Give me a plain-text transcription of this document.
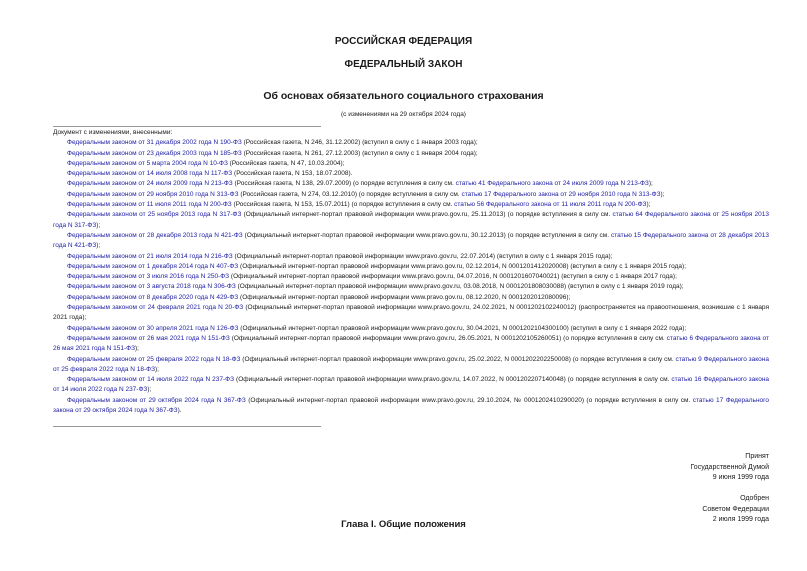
РОССИЙСКАЯ ФЕДЕРАЦИЯ
ФЕДЕРАЛЬНЫЙ ЗАКОН
Об основах обязательного социального страхования
(с изменениями на 29 октября 2024 года)
Документ с изменениями, внесенными:
Федеральным законом от 31 декабря 2002 года N 190-ФЗ (Российская газета, N 246, 31.12.2002) (вступил в силу с 1 января 2003 года);
Федеральным законом от 23 декабря 2003 года N 185-ФЗ (Российская газета, N 261, 27.12.2003) (вступил в силу с 1 января 2004 года);
Федеральным законом от 5 марта 2004 года N 10-ФЗ (Российская газета, N 47, 10.03.2004);
Федеральным законом от 14 июля 2008 года N 117-ФЗ (Российская газета, N 153, 18.07.2008).
Федеральным законом от 24 июля 2009 года N 213-ФЗ (Российская газета, N 138, 29.07.2009) (о порядке вступления в силу см. статью 41 Федерального закона от 24 июля 2009 года N 213-ФЗ);
Федеральным законом от 29 ноября 2010 года N 313-ФЗ (Российская газета, N 274, 03.12.2010) (о порядке вступления в силу см. статью 17 Федерального закона от 29 ноября 2010 года N 313-ФЗ);
Федеральным законом от 11 июля 2011 года N 200-ФЗ (Российская газета, N 153, 15.07.2011) (о порядке вступления в силу см. статью 56 Федерального закона от 11 июля 2011 года N 200-ФЗ);
Федеральным законом от 25 ноября 2013 года N 317-ФЗ (Официальный интернет-портал правовой информации www.pravo.gov.ru, 25.11.2013) (о порядке вступления в силу см. статью 64 Федерального закона от 25 ноября 2013 года N 317-ФЗ);
Федеральным законом от 28 декабря 2013 года N 421-ФЗ (Официальный интернет-портал правовой информации www.pravo.gov.ru, 30.12.2013) (о порядке вступления в силу см. статью 15 Федерального закона от 28 декабря 2013 года N 421-ФЗ);
Федеральным законом от 21 июля 2014 года N 216-ФЗ (Официальный интернет-портал правовой информации www.pravo.gov.ru, 22.07.2014) (вступил в силу с 1 января 2015 года);
Федеральным законом от 1 декабря 2014 года N 407-ФЗ (Официальный интернет-портал правовой информации www.pravo.gov.ru, 02.12.2014, N 0001201412020008) (вступил в силу с 1 января 2015 года);
Федеральным законом от 3 июля 2016 года N 250-ФЗ (Официальный интернет-портал правовой информации www.pravo.gov.ru, 04.07.2016, N 0001201607040021) (вступил в силу с 1 января 2017 года);
Федеральным законом от 3 августа 2018 года N 306-ФЗ (Официальный интернет-портал правовой информации www.pravo.gov.ru, 03.08.2018, N 0001201808030088) (вступил в силу с 1 января 2019 года);
Федеральным законом от 8 декабря 2020 года N 429-ФЗ (Официальный интернет-портал правовой информации www.pravo.gov.ru, 08.12.2020, N 0001202012080096);
Федеральным законом от 24 февраля 2021 года N 20-ФЗ (Официальный интернет-портал правовой информации www.pravo.gov.ru, 24.02.2021, N 0001202102240012) (распространяется на правоотношения, возникшие с 1 января 2021 года);
Федеральным законом от 30 апреля 2021 года N 126-ФЗ (Официальный интернет-портал правовой информации www.pravo.gov.ru, 30.04.2021, N 0001202104300100) (вступил в силу с 1 января 2022 года);
Федеральным законом от 26 мая 2021 года N 151-ФЗ (Официальный интернет-портал правовой информации www.pravo.gov.ru, 26.05.2021, N 0001202105260051) (о порядке вступления в силу см. статью 6 Федерального закона от 26 мая 2021 года N 151-ФЗ);
Федеральным законом от 25 февраля 2022 года N 18-ФЗ (Официальный интернет-портал правовой информации www.pravo.gov.ru, 25.02.2022, N 0001202202250008) (о порядке вступления в силу см. статью 9 Федерального закона от 25 февраля 2022 года N 18-ФЗ);
Федеральным законом от 14 июля 2022 года N 237-ФЗ (Официальный интернет-портал правовой информации www.pravo.gov.ru, 14.07.2022, N 0001202207140048) (о порядке вступления в силу см. статью 16 Федерального закона от 14 июля 2022 года N 237-ФЗ);
Федеральным законом от 29 октября 2024 года N 367-ФЗ (Официальный интернет-портал правовой информации www.pravo.gov.ru, 29.10.2024, № 0001202410290020) (о порядке вступления в силу см. статью 17 Федерального закона от 29 октября 2024 года N 367-ФЗ).
Принят
Государственной Думой
9 июня 1999 года
Одобрен
Советом Федерации
2 июля 1999 года
Глава I. Общие положения
